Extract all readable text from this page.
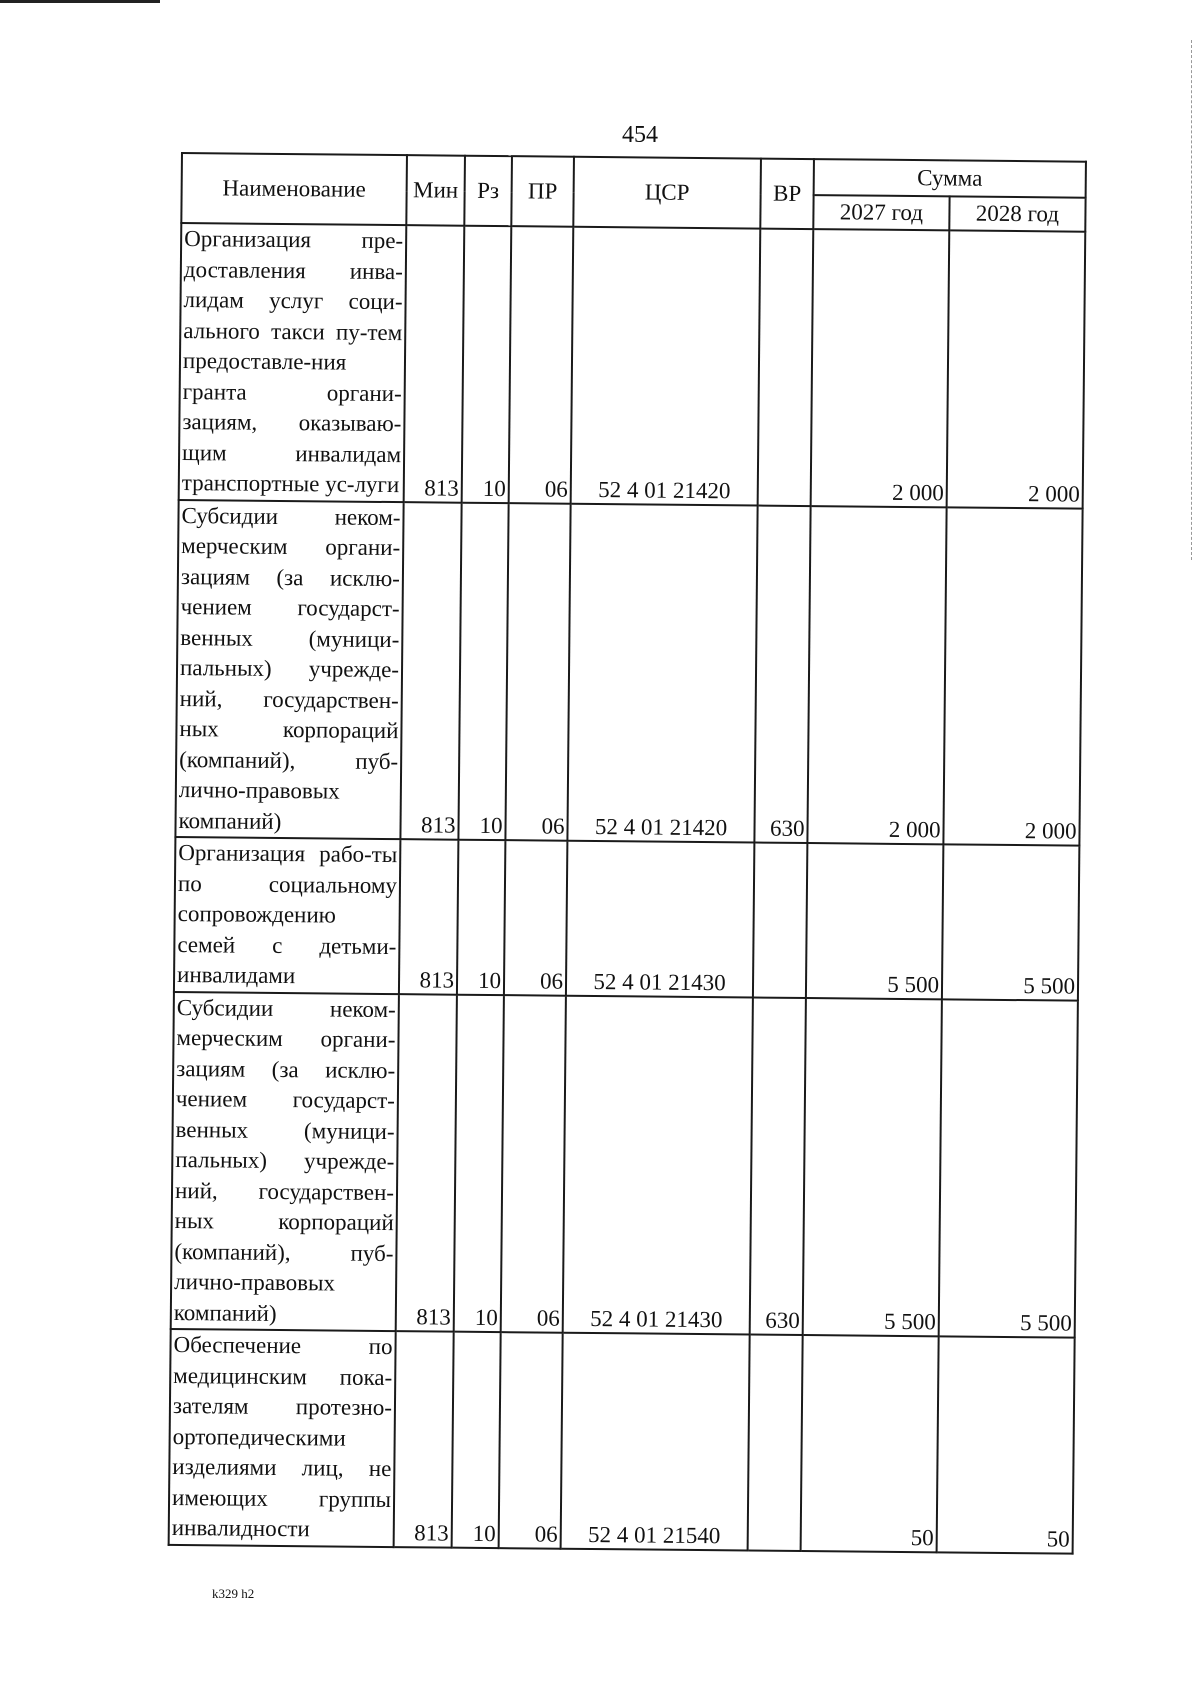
454
Наименование	Мин	Рз	ПР	ЦСР	ВР	Сумма	
						2027 год	2028 год
Организация пре-доставления инва-лидам услуг соци-ального такси пу-тем предоставле-ния гранта органи-зациям, оказываю-щим инвалидам транспортные ус-луги	813	10	06	52 4 01 21420		2 000	2 000
Субсидии неком-мерческим органи-зациям (за исклю-чением государст-венных (муници-пальных) учрежде-ний, государствен-ных корпораций (компаний), пуб-лично-правовых компаний)	813	10	06	52 4 01 21420	630	2 000	2 000
Организация рабо-ты по социальному сопровождению семей с детьми-инвалидами	813	10	06	52 4 01 21430		5 500	5 500
Субсидии неком-мерческим органи-зациям (за исклю-чением государст-венных (муници-пальных) учрежде-ний, государствен-ных корпораций (компаний), пуб-лично-правовых компаний)	813	10	06	52 4 01 21430	630	5 500	5 500
Обеспечение по медицинским пока-зателям протезно-ортопедическими изделиями лиц, не имеющих группы инвалидности	813	10	06	52 4 01 21540		50	50
k329 h2
